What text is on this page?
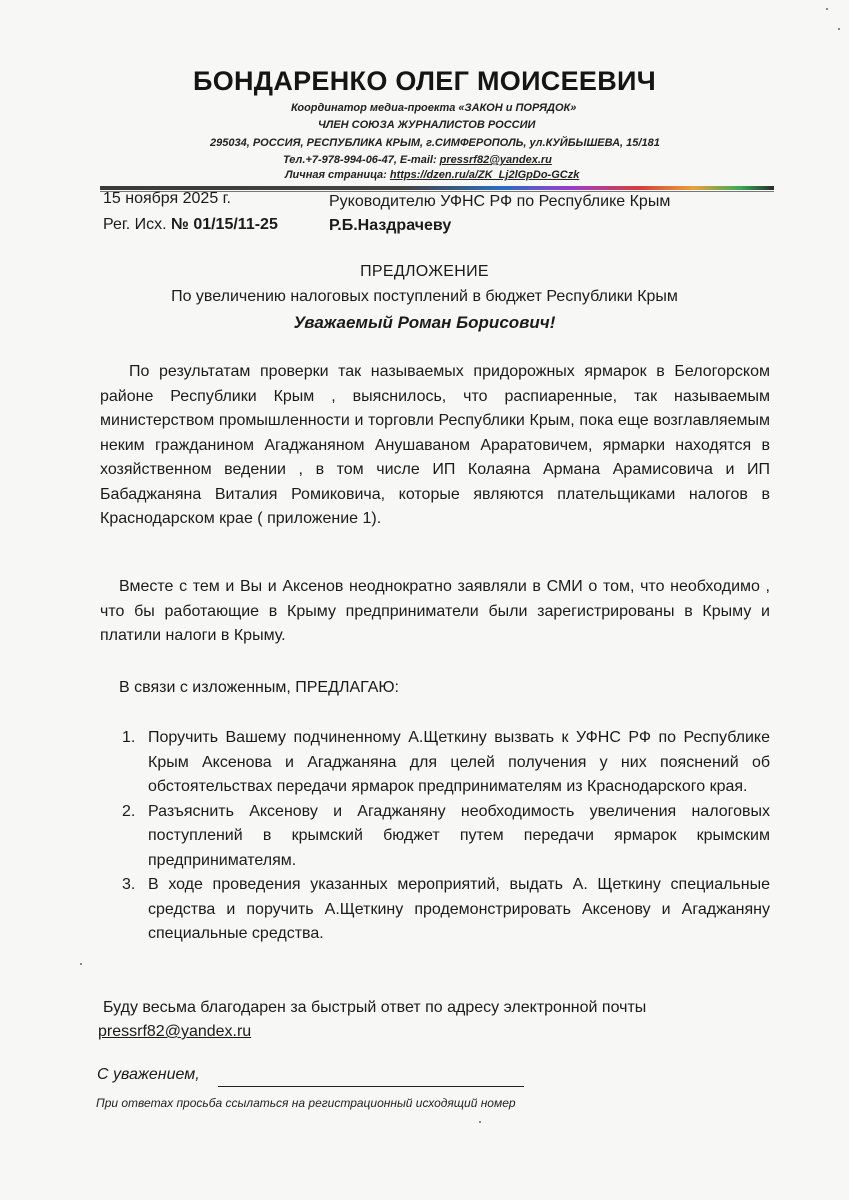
БОНДАРЕНКО ОЛЕГ МОИСЕЕВИЧ
Координатор медиа-проекта «ЗАКОН и ПОРЯДОК»
ЧЛЕН СОЮЗА ЖУРНАЛИСТОВ РОССИИ
295034, РОССИЯ, РЕСПУБЛИКА КРЫМ, г.СИМФЕРОПОЛЬ, ул.КУЙБЫШЕВА, 15/181
Тел.+7-978-994-06-47, E-mail: pressrf82@yandex.ru
Личная страница: https://dzen.ru/a/ZK_Lj2lGpDo-GCzk
15 ноября 2025 г.
Рег. Исх. № 01/15/11-25
Руководителю УФНС РФ по Республике Крым
Р.Б.Наздрачеву
ПРЕДЛОЖЕНИЕ
По увеличению налоговых поступлений в бюджет Республики Крым
Уважаемый Роман Борисович!
По результатам проверки так называемых придорожных ярмарок в Белогорском районе Республики Крым , выяснилось, что распиаренные, так называемым министерством промышленности и торговли Республики Крым, пока еще возглавляемым неким гражданином Агаджаняном Анушаваном Араратовичем, ярмарки находятся в хозяйственном ведении , в том числе ИП Колаяна Армана Арамисовича и ИП Бабаджаняна Виталия Ромиковича, которые являются плательщиками налогов в Краснодарском крае ( приложение 1).
Вместе с тем и Вы и Аксенов неоднократно заявляли в СМИ о том, что необходимо , что бы работающие в Крыму предприниматели были зарегистрированы в Крыму и платили налоги в Крыму.
В связи с изложенным, ПРЕДЛАГАЮ:
1. Поручить Вашему подчиненному А.Щеткину вызвать к УФНС РФ по Республике Крым Аксенова и Агаджаняна для целей получения у них пояснений об обстоятельствах передачи ярмарок предпринимателям из Краснодарского края.
2. Разъяснить Аксенову и Агаджаняну необходимость увеличения налоговых поступлений в крымский бюджет путем передачи ярмарок крымским предпринимателям.
3. В ходе проведения указанных мероприятий, выдать А. Щеткину специальные средства и поручить А.Щеткину продемонстрировать Аксенову и Агаджаняну специальные средства.
Буду весьма благодарен за быстрый ответ по адресу электронной почты
pressrf82@yandex.ru
С уважением,
При ответах просьба ссылаться на регистрационный исходящий номер
